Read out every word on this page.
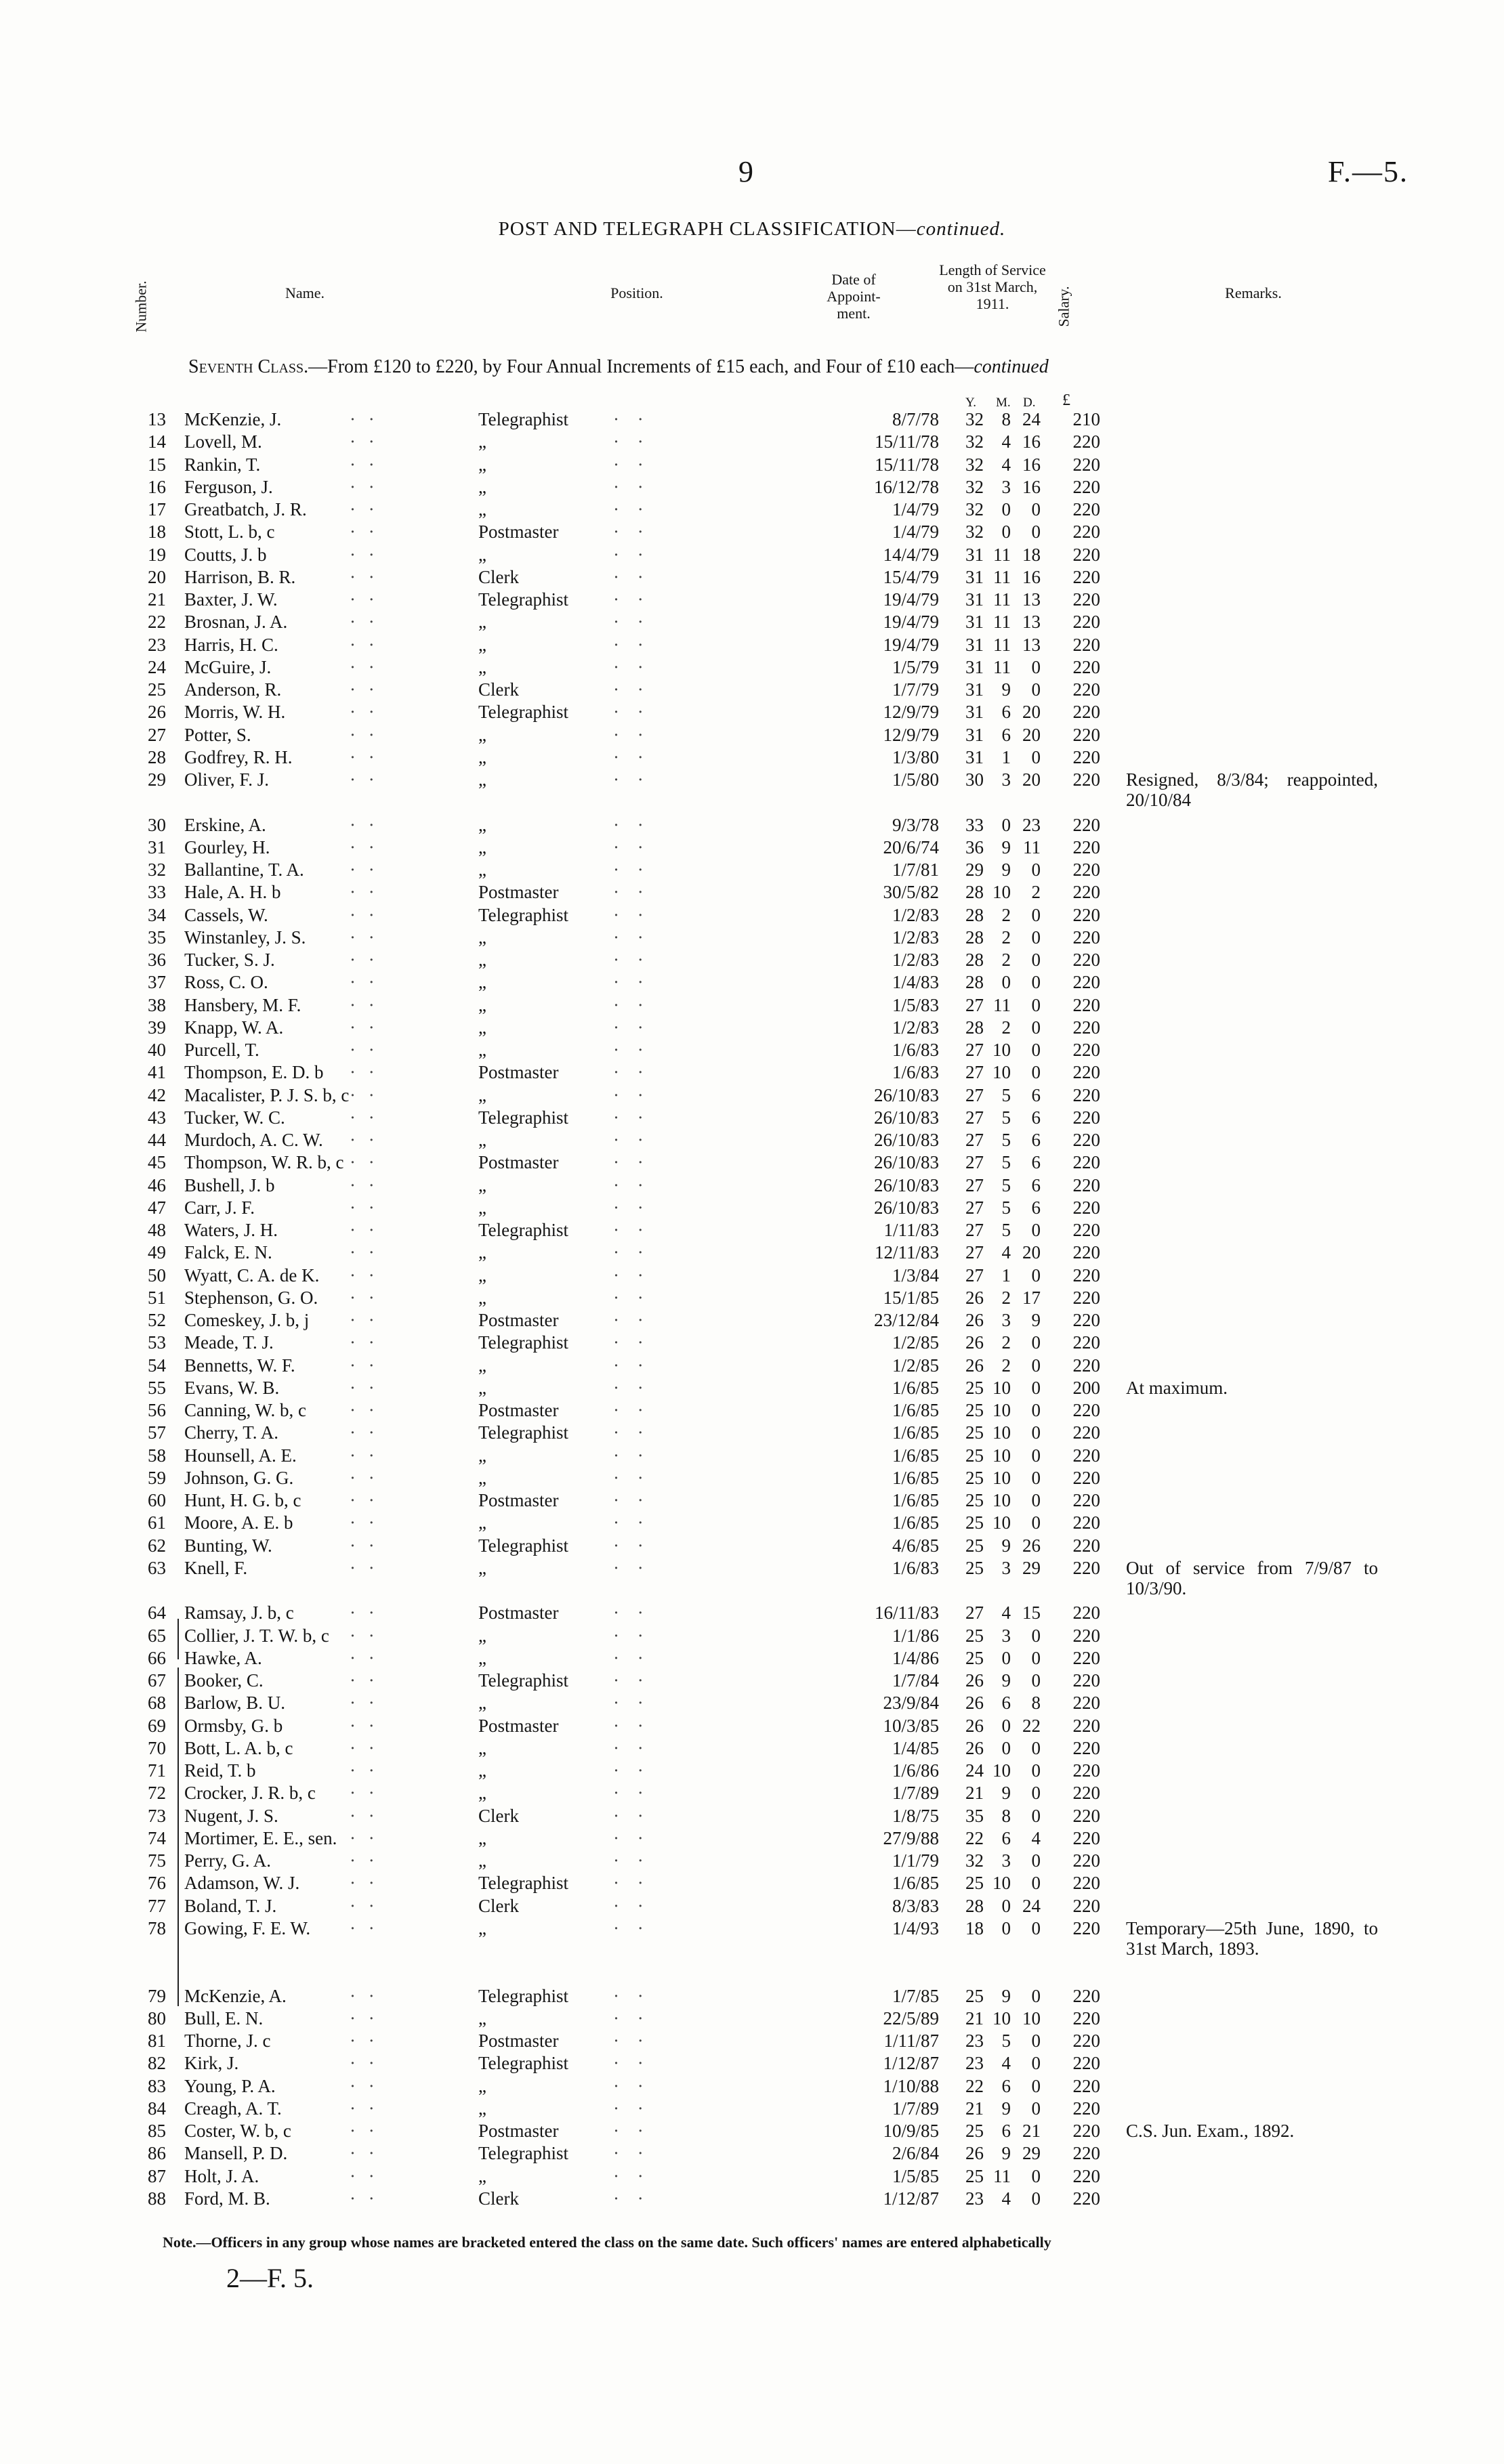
9	F.—5.
POST AND TELEGRAPH CLASSIFICATION—continued.
Number.	Name.	Position.
Date of Appoint-ment.
Length of Service on 31st March, 1911.	Salary.	Remarks.
Seventh Class.—From £120 to £220, by Four Annual Increments of £15 each, and Four of £10 each—continued
Y. M. D. £
13 McKenzie, J.	Telegraphist	8/7/78	32 8 24	210
· ·	· ·
14 Lovell, M.	„	15/11/78	32 4 16	220
· ·	· ·
15 Rankin, T.	„	15/11/78	32 4 16	220
· ·	· ·
16 Ferguson, J.	„	16/12/78	32 3 16	220
· ·	· ·
17 Greatbatch, J. R.	„	1/4/79	32 0	0	220
· ·	· ·
18 Stott, L. b, c	Postmaster	1/4/79	32 0	0	220
· ·	· ·
19 Coutts, J. b	„	14/4/79	31 11 18	220
· ·	· ·
20 Harrison, B. R.	Clerk	15/4/79	31 11 16	220
· ·	· ·
21 Baxter, J. W.	Telegraphist	19/4/79	31 11 13	220
· ·	· ·
22 Brosnan, J. A.	„	19/4/79	31 11 13	220
· ·	· ·
23 Harris, H. C.	„	19/4/79	31 11 13	220
· ·	· ·
24 McGuire, J.	„	1/5/79	31 11	0	220
· ·	· ·
25 Anderson, R.	Clerk	1/7/79	31 9	0	220
· ·	· ·
26 Morris, W. H.	Telegraphist	12/9/79	31 6 20	220
· ·	· ·
27 Potter, S.	„	12/9/79	31 6 20	220
· ·	· ·
28 Godfrey, R. H.	„	1/3/80	31 1	0	220
· ·	· ·
29 Oliver, F. J.	„	1/5/80	30 3 20	220 Resigned, 8/3/84; reappointed, 20/10/84
· ·	· ·
30 Erskine, A.	„	9/3/78	33 0 23	220
· ·	· ·
31 Gourley, H.	„	20/6/74	36 9 11	220
· ·	· ·
32 Ballantine, T. A.	„	1/7/81	29 9	0	220
· ·	· ·
33 Hale, A. H. b	Postmaster	30/5/82	28 10	2	220
· ·	· ·
34 Cassels, W.	Telegraphist	1/2/83	28 2	0	220
· ·	· ·
35 Winstanley, J. S.	„	1/2/83	28 2	0	220
· ·	· ·
36 Tucker, S. J.	„	1/2/83	28 2	0	220
· ·	· ·
37 Ross, C. O.	„	1/4/83	28 0	0	220
· ·	· ·
38 Hansbery, M. F.	„	1/5/83	27 11	0	220
· ·	· ·
39 Knapp, W. A.	„	1/2/83	28 2	0	220
· ·	· ·
40 Purcell, T.	„	1/6/83	27 10	0	220
· ·	· ·
41 Thompson, E. D. b	Postmaster	1/6/83	27 10	0	220
· ·	· ·
42 Macalister, P. J. S. b, c	„	26/10/83	27 5	6	220
· ·	· ·
43 Tucker, W. C.	Telegraphist	26/10/83	27 5	6	220
· ·	· ·
44 Murdoch, A. C. W.	„	26/10/83	27 5	6	220
· ·	· ·
45 Thompson, W. R. b, c	Postmaster	26/10/83	27 5	6	220
· ·	· ·
46 Bushell, J. b	„	26/10/83	27 5	6	220
· ·	· ·
47 Carr, J. F.	„	26/10/83	27 5	6	220
· ·	· ·
48 Waters, J. H.	Telegraphist	1/11/83	27 5	0	220
· ·	· ·
49 Falck, E. N.	„	12/11/83	27 4 20	220
· ·	· ·
50 Wyatt, C. A. de K.	„	1/3/84	27 1	0	220
· ·	· ·
51 Stephenson, G. O.	„	15/1/85	26 2 17	220
· ·	· ·
52 Comeskey, J. b, j	Postmaster	23/12/84	26 3	9	220
· ·	· ·
53 Meade, T. J.	Telegraphist	1/2/85	26 2	0	220
· ·	· ·
54 Bennetts, W. F.	„	1/2/85	26 2	0	220
· ·	· ·
55 Evans, W. B.	„	1/6/85	25 10	0	200 At maximum.
· ·	· ·
56 Canning, W. b, c	Postmaster	1/6/85	25 10	0	220
· ·	· ·
57 Cherry, T. A.	Telegraphist	1/6/85	25 10	0	220
· ·	· ·
58 Hounsell, A. E.	„	1/6/85	25 10	0	220
· ·	· ·
59 Johnson, G. G.	„	1/6/85	25 10	0	220
· ·	· ·
60 Hunt, H. G. b, c	Postmaster	1/6/85	25 10	0	220
· ·	· ·
61 Moore, A. E. b	„	1/6/85	25 10	0	220
· ·	· ·
62 Bunting, W.	Telegraphist	4/6/85	25 9 26	220
· ·	· ·
63 Knell, F.	„	1/6/83	25 3 29	220 Out of service from 7/9/87 to 10/3/90.
· ·	· ·
64 Ramsay, J. b, c	Postmaster	16/11/83	27 4 15	220
· ·	· ·
65 Collier, J. T. W. b, c	„	1/1/86	25 3	0	220
· ·	· ·
66 Hawke, A.	„	1/4/86	25 0	0	220
· ·	· ·
67 Booker, C.	Telegraphist	1/7/84	26 9	0	220
· ·	· ·
68 Barlow, B. U.	„	23/9/84	26 6	8	220
· ·	· ·
69 Ormsby, G. b	Postmaster	10/3/85	26 0 22	220
· ·	· ·
70 Bott, L. A. b, c	„	1/4/85	26 0	0	220
· ·	· ·
71 Reid, T. b	„	1/6/86	24 10	0	220
· ·	· ·
72 Crocker, J. R. b, c	„	1/7/89	21 9	0	220
· ·	· ·
73 Nugent, J. S.	Clerk	1/8/75	35 8	0	220
· ·	· ·
74 Mortimer, E. E., sen.	„	27/9/88	22 6	4	220
· ·	· ·
75 Perry, G. A.	„	1/1/79	32 3	0	220
· ·	· ·
76 Adamson, W. J.	Telegraphist	1/6/85	25 10	0	220
· ·	· ·
77 Boland, T. J.	Clerk	8/3/83	28 0 24	220
· ·	· ·
78 Gowing, F. E. W.	„	1/4/93	18 0	0	220 Temporary—25th June, 1890, to 31st March, 1893.
· ·	· ·
79 McKenzie, A.	Telegraphist	1/7/85	25 9	0	220
· ·	· ·
80 Bull, E. N.	„	22/5/89	21 10 10	220
· ·	· ·
81 Thorne, J. c	Postmaster	1/11/87	23 5	0	220
· ·	· ·
82 Kirk, J.	Telegraphist	1/12/87	23 4	0	220
· ·	· ·
83 Young, P. A.	„	1/10/88	22 6	0	220
· ·	· ·
84 Creagh, A. T.	„	1/7/89	21 9	0	220
· ·	· ·
85 Coster, W. b, c	Postmaster	10/9/85	25 6 21	220 C.S. Jun. Exam., 1892.
· ·	· ·
86 Mansell, P. D.	Telegraphist	2/6/84	26 9 29	220
· ·	· ·
87 Holt, J. A.	„	1/5/85	25 11	0	220
· ·	· ·
88 Ford, M. B.	Clerk	1/12/87	23 4	0	220
· ·	· ·
Note.—Officers in any group whose names are bracketed entered the class on the same date. Such officers' names are entered alphabetically
2—F. 5.
